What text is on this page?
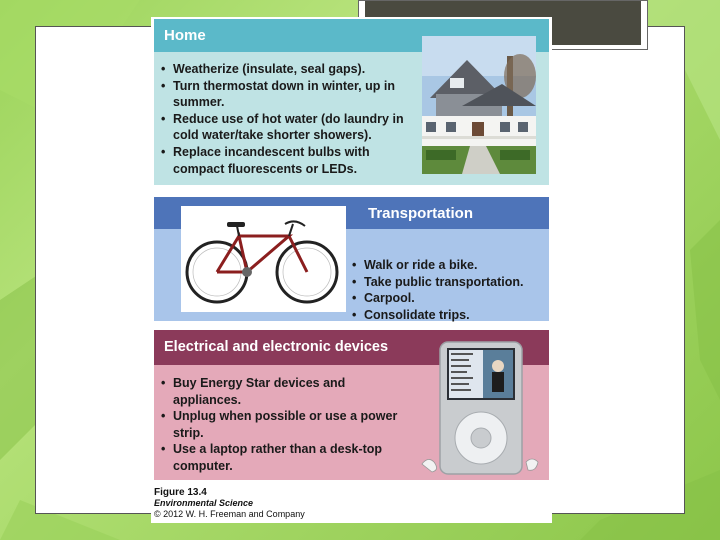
Home
• Weatherize (insulate, seal gaps).
• Turn thermostat down in winter, up in summer.
• Reduce use of hot water (do laundry in cold water/take shorter showers).
• Replace incandescent bulbs with compact fluorescents or LEDs.
Transportation
• Walk or ride a bike.
• Take public transportation.
• Carpool.
• Consolidate trips.
Electrical and electronic devices
• Buy Energy Star devices and appliances.
• Unplug when possible or use a power strip.
• Use a laptop rather than a desk-top computer.
Figure 13.4
Environmental Science
© 2012 W. H. Freeman and Company
